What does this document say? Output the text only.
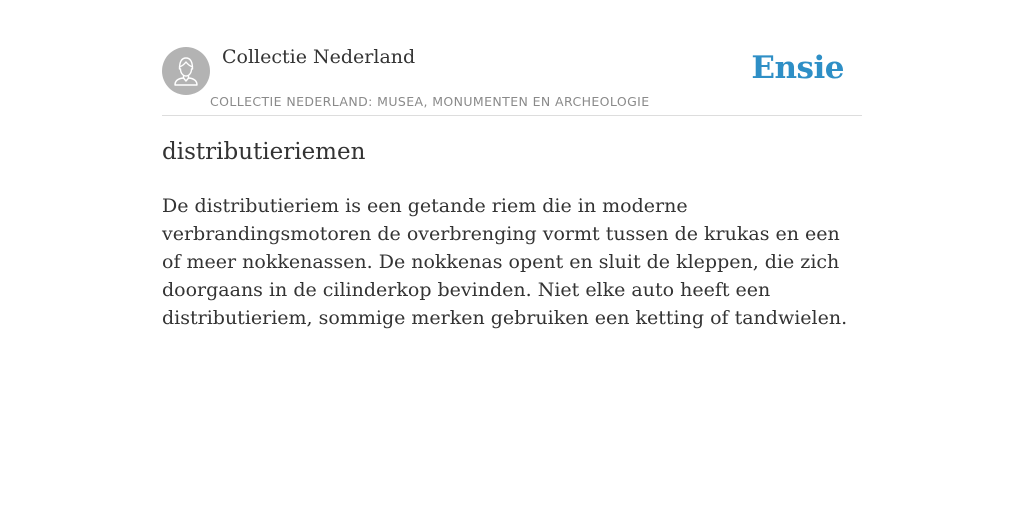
Collectie Nederland
COLLECTIE NEDERLAND: MUSEA, MONUMENTEN EN ARCHEOLOGIE
Ensie
distributieriemen

De distributieriem is een getande riem die in moderne verbrandingsmotoren de overbrenging vormt tussen de krukas en een of meer nokkenassen. De nokkenas opent en sluit de kleppen, die zich doorgaans in de cilinderkop bevinden. Niet elke auto heeft een distributieriem, sommige merken gebruiken een ketting of tandwielen.
